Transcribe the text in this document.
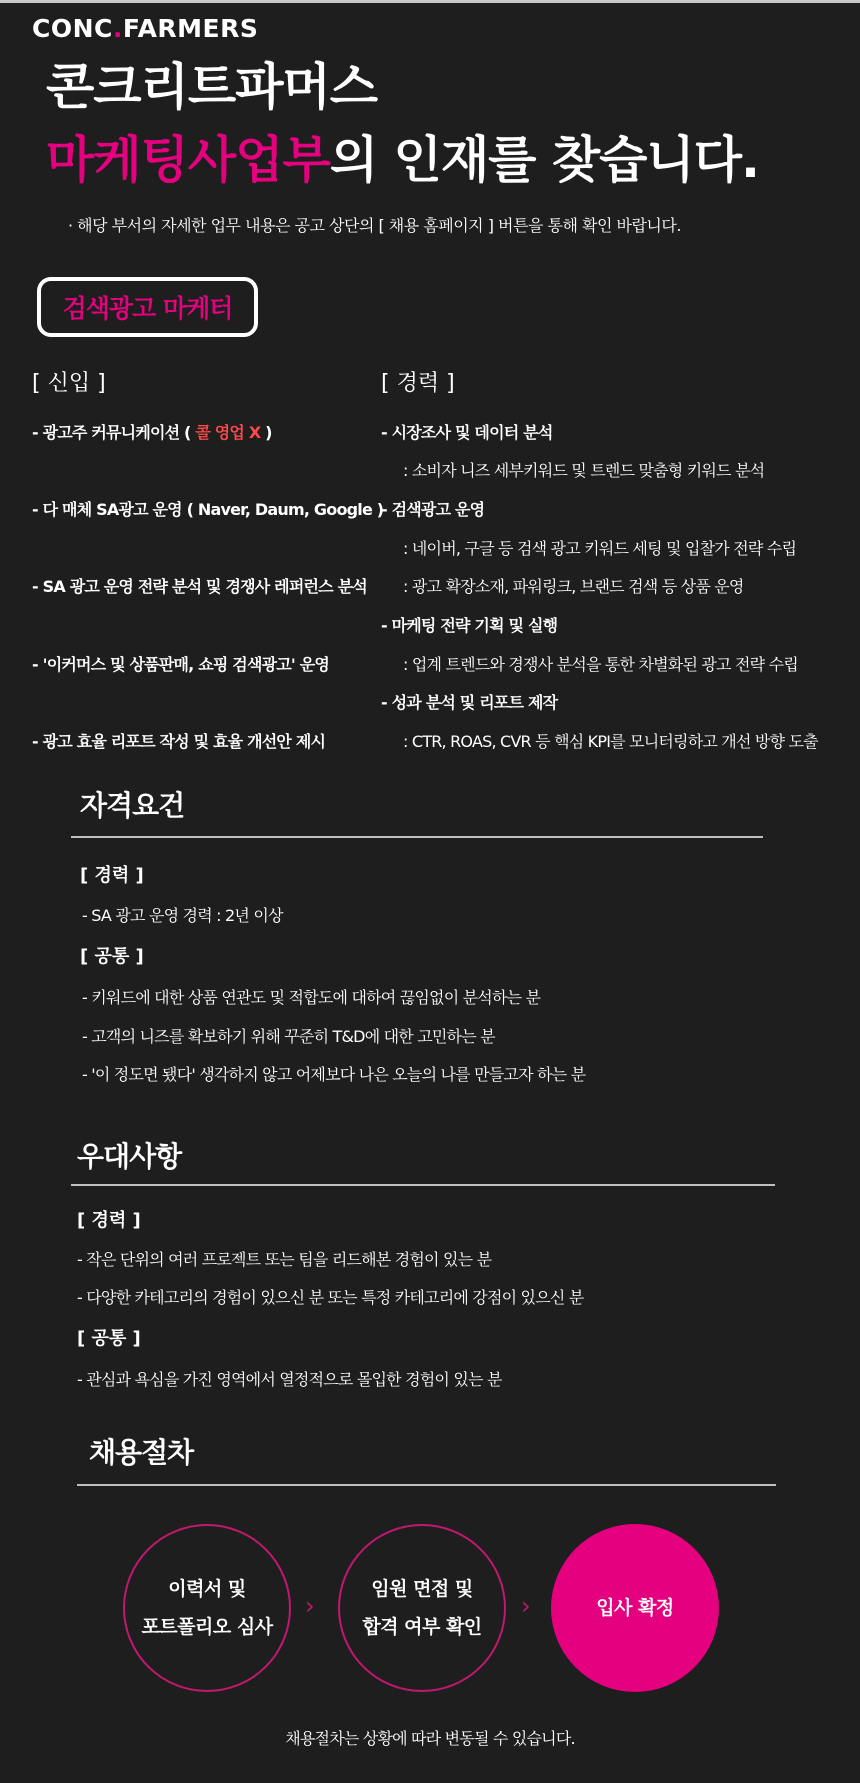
CONC.FARMERS
콘크리트파머스
마케팅사업부의 인재를 찾습니다.
· 해당 부서의 자세한 업무 내용은 공고 상단의 [ 채용 홈페이지 ] 버튼을 통해 확인 바랍니다.
검색광고 마케터
[ 신입 ]
- 광고주 커뮤니케이션 ( 콜 영업 X )
- 다 매체 SA광고 운영 ( Naver, Daum, Google )
- SA 광고 운영 전략 분석 및 경쟁사 레퍼런스 분석
- '이커머스 및 상품판매, 쇼핑 검색광고' 운영
- 광고 효율 리포트 작성 및 효율 개선안 제시
[ 경력 ]
- 시장조사 및 데이터 분석
: 소비자 니즈 세부키워드 및 트렌드 맞춤형 키워드 분석
- 검색광고 운영
: 네이버, 구글 등 검색 광고 키워드 세팅 및 입찰가 전략 수립
: 광고 확장소재, 파워링크, 브랜드 검색 등 상품 운영
- 마케팅 전략 기획 및 실행
: 업계 트렌드와 경쟁사 분석을 통한 차별화된 광고 전략 수립
- 성과 분석 및 리포트 제작
: CTR, ROAS, CVR 등 핵심 KPI를 모니터링하고 개선 방향 도출
자격요건
[ 경력 ]
- SA 광고 운영 경력 : 2년 이상
[ 공통 ]
- 키워드에 대한 상품 연관도 및 적합도에 대하여 끊임없이 분석하는 분
- 고객의 니즈를 확보하기 위해 꾸준히 T&D에 대한 고민하는 분
- '이 정도면 됐다' 생각하지 않고 어제보다 나은 오늘의 나를 만들고자 하는 분
우대사항
[ 경력 ]
- 작은 단위의 여러 프로젝트 또는 팀을 리드해본 경험이 있는 분
- 다양한 카테고리의 경험이 있으신 분 또는 특정 카테고리에 강점이 있으신 분
[ 공통 ]
- 관심과 욕심을 가진 영역에서 열정적으로 몰입한 경험이 있는 분
채용절차
이력서 및
포트폴리오 심사
›
임원 면접 및
합격 여부 확인
›	입사 확정
채용절차는 상황에 따라 변동될 수 있습니다.
